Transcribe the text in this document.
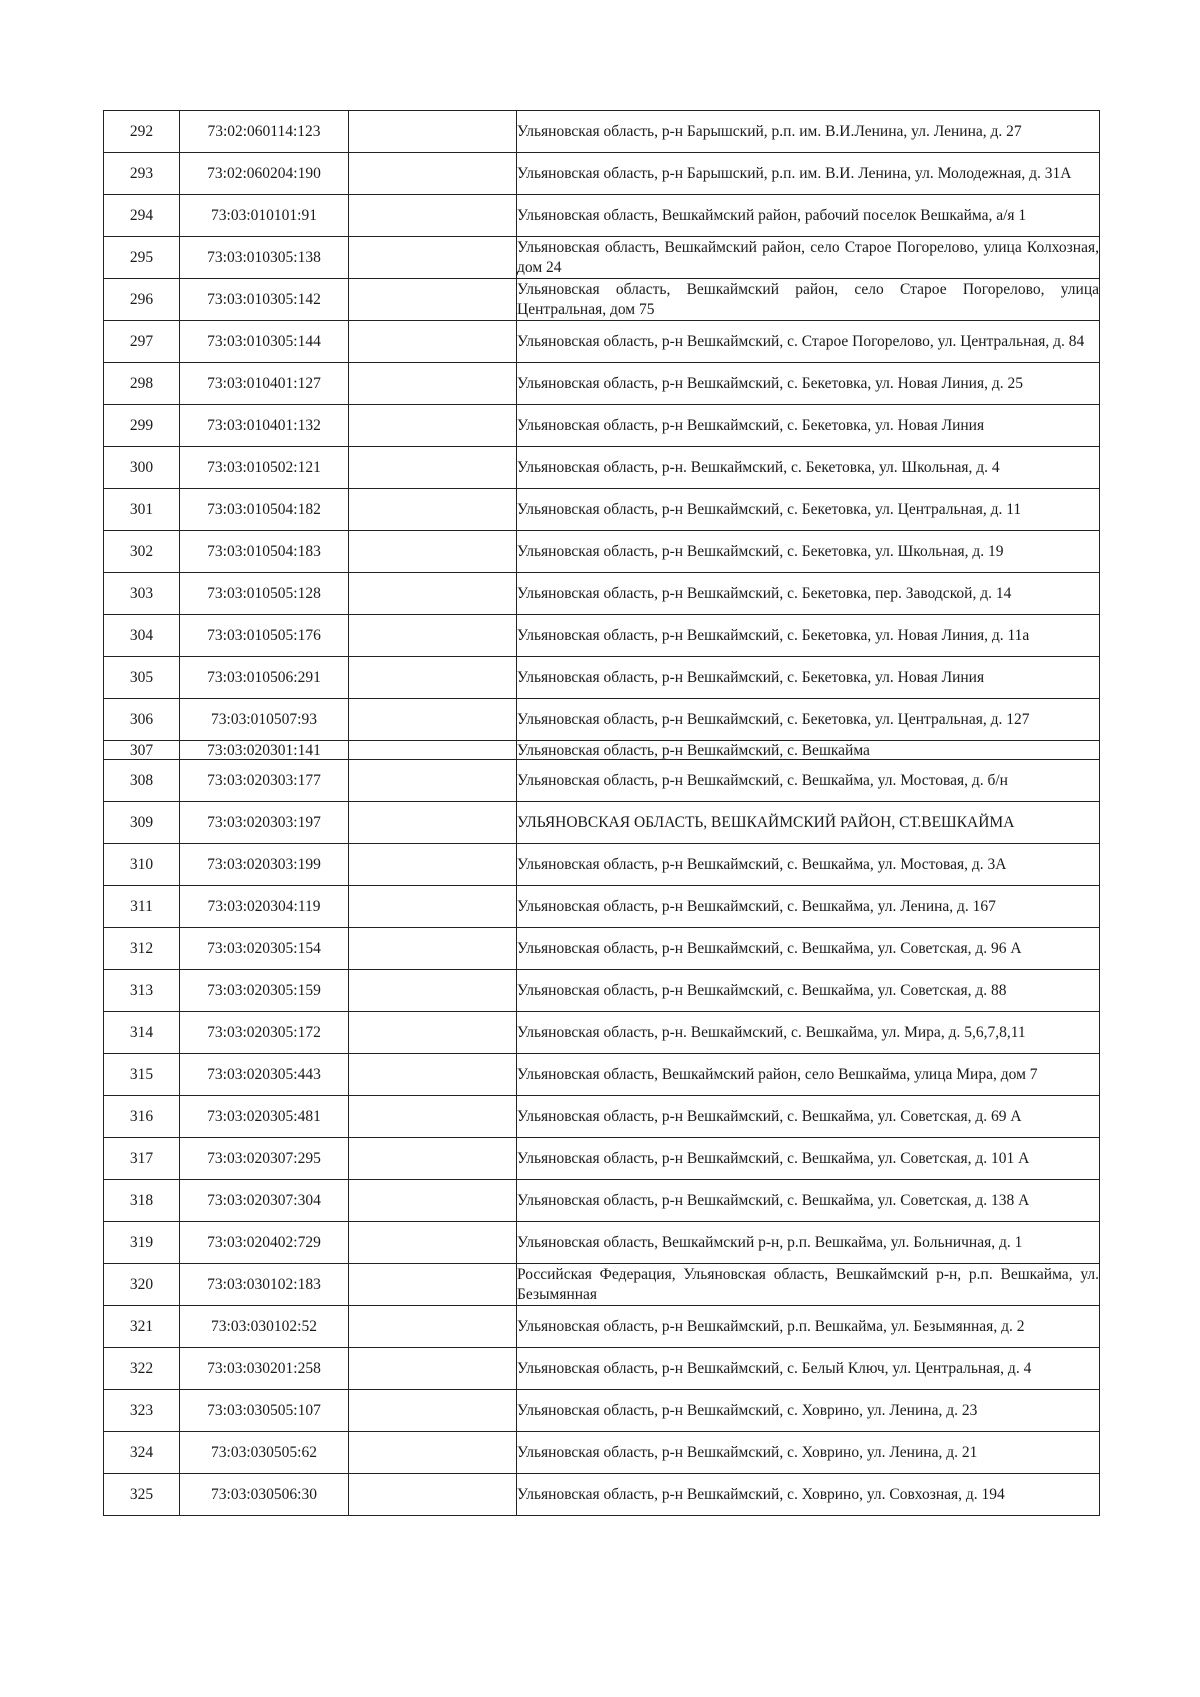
292	73:02:060114:123		Ульяновская область, р-н Барышский, р.п. им. В.И.Ленина, ул. Ленина, д. 27
293	73:02:060204:190		Ульяновская область, р-н Барышский, р.п. им. В.И. Ленина, ул. Молодежная, д. 31А
294	73:03:010101:91		Ульяновская область, Вешкаймский район, рабочий поселок Вешкайма, а/я 1
295	73:03:010305:138		Ульяновская область, Вешкаймский район, село Старое Погорелово, улица Колхозная, дом 24
296	73:03:010305:142		Ульяновская область, Вешкаймский район, село Старое Погорелово, улица Центральная, дом 75
297	73:03:010305:144		Ульяновская область, р-н Вешкаймский, с. Старое Погорелово, ул. Центральная, д. 84
298	73:03:010401:127		Ульяновская область, р-н Вешкаймский, с. Бекетовка, ул. Новая Линия, д. 25
299	73:03:010401:132		Ульяновская область, р-н Вешкаймский, с. Бекетовка, ул. Новая Линия
300	73:03:010502:121		Ульяновская область, р-н. Вешкаймский, с. Бекетовка, ул. Школьная, д. 4
301	73:03:010504:182		Ульяновская область, р-н Вешкаймский, с. Бекетовка, ул. Центральная, д. 11
302	73:03:010504:183		Ульяновская область, р-н Вешкаймский, с. Бекетовка, ул. Школьная, д. 19
303	73:03:010505:128		Ульяновская область, р-н Вешкаймский, с. Бекетовка, пер. Заводской, д. 14
304	73:03:010505:176		Ульяновская область, р-н Вешкаймский, с. Бекетовка, ул. Новая Линия, д. 11а
305	73:03:010506:291		Ульяновская область, р-н Вешкаймский, с. Бекетовка, ул. Новая Линия
306	73:03:010507:93		Ульяновская область, р-н Вешкаймский, с. Бекетовка, ул. Центральная, д. 127
307	73:03:020301:141		Ульяновская область, р-н Вешкаймский, с. Вешкайма
308	73:03:020303:177		Ульяновская область, р-н Вешкаймский, с. Вешкайма, ул. Мостовая, д. б/н
309	73:03:020303:197		УЛЬЯНОВСКАЯ ОБЛАСТЬ, ВЕШКАЙМСКИЙ РАЙОН, СТ.ВЕШКАЙМА
310	73:03:020303:199		Ульяновская область, р-н Вешкаймский, с. Вешкайма, ул. Мостовая, д. 3А
311	73:03:020304:119		Ульяновская область, р-н Вешкаймский, с. Вешкайма, ул. Ленина, д. 167
312	73:03:020305:154		Ульяновская область, р-н Вешкаймский, с. Вешкайма, ул. Советская, д. 96 А
313	73:03:020305:159		Ульяновская область, р-н Вешкаймский, с. Вешкайма, ул. Советская, д. 88
314	73:03:020305:172		Ульяновская область, р-н. Вешкаймский, с. Вешкайма, ул. Мира, д. 5,6,7,8,11
315	73:03:020305:443		Ульяновская область, Вешкаймский район, село Вешкайма, улица Мира, дом 7
316	73:03:020305:481		Ульяновская область, р-н Вешкаймский, с. Вешкайма, ул. Советская, д. 69 А
317	73:03:020307:295		Ульяновская область, р-н Вешкаймский, с. Вешкайма, ул. Советская, д. 101 А
318	73:03:020307:304		Ульяновская область, р-н Вешкаймский, с. Вешкайма, ул. Советская, д. 138 А
319	73:03:020402:729		Ульяновская область, Вешкаймский р-н, р.п. Вешкайма, ул. Больничная, д. 1
320	73:03:030102:183		Российская Федерация, Ульяновская область, Вешкаймский р-н, р.п. Вешкайма, ул. Безымянная
321	73:03:030102:52		Ульяновская область, р-н Вешкаймский, р.п. Вешкайма, ул. Безымянная, д. 2
322	73:03:030201:258		Ульяновская область, р-н Вешкаймский, с. Белый Ключ, ул. Центральная, д. 4
323	73:03:030505:107		Ульяновская область, р-н Вешкаймский, с. Ховрино, ул. Ленина, д. 23
324	73:03:030505:62		Ульяновская область, р-н Вешкаймский, с. Ховрино, ул. Ленина, д. 21
325	73:03:030506:30		Ульяновская область, р-н Вешкаймский, с. Ховрино, ул. Совхозная, д. 194
